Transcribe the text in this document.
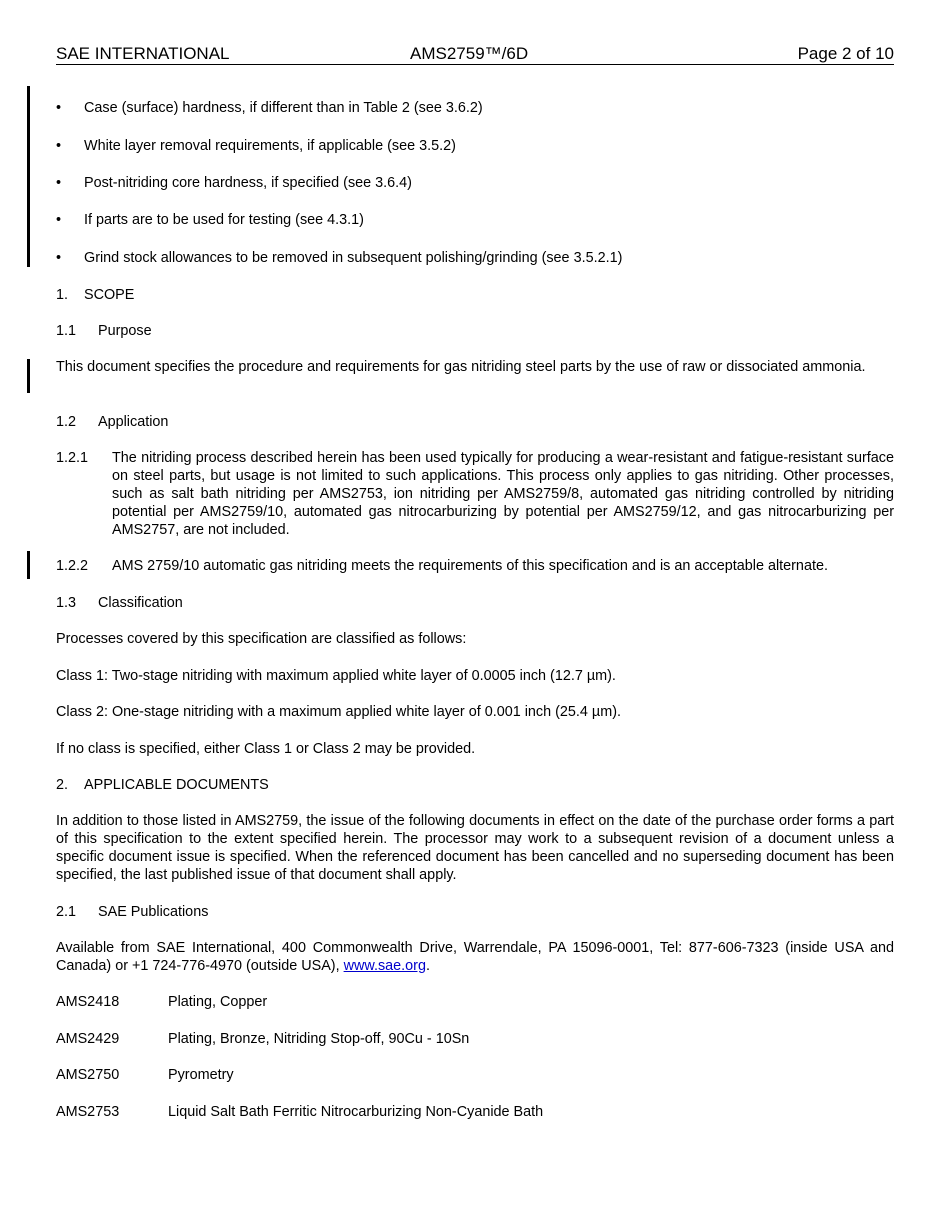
SAE INTERNATIONAL	AMS2759™/6D	Page 2 of 10
• Case (surface) hardness, if different than in Table 2 (see 3.6.2)
• White layer removal requirements, if applicable (see 3.5.2)
• Post-nitriding core hardness, if specified (see 3.6.4)
• If parts are to be used for testing (see 4.3.1)
• Grind stock allowances to be removed in subsequent polishing/grinding (see 3.5.2.1)
1. SCOPE
1.1 Purpose
This document specifies the procedure and requirements for gas nitriding steel parts by the use of raw or dissociated ammonia.
1.2 Application
1.2.1 The nitriding process described herein has been used typically for producing a wear-resistant and fatigue-resistant surface on steel parts, but usage is not limited to such applications. This process only applies to gas nitriding. Other processes, such as salt bath nitriding per AMS2753, ion nitriding per AMS2759/8, automated gas nitriding controlled by nitriding potential per AMS2759/10, automated gas nitrocarburizing by potential per AMS2759/12, and gas nitrocarburizing per AMS2757, are not included.
1.2.2 AMS 2759/10 automatic gas nitriding meets the requirements of this specification and is an acceptable alternate.
1.3 Classification
Processes covered by this specification are classified as follows:
Class 1: Two-stage nitriding with maximum applied white layer of 0.0005 inch (12.7 µm).
Class 2: One-stage nitriding with a maximum applied white layer of 0.001 inch (25.4 µm).
If no class is specified, either Class 1 or Class 2 may be provided.
2. APPLICABLE DOCUMENTS
In addition to those listed in AMS2759, the issue of the following documents in effect on the date of the purchase order forms a part of this specification to the extent specified herein. The processor may work to a subsequent revision of a document unless a specific document issue is specified. When the referenced document has been cancelled and no superseding document has been specified, the last published issue of that document shall apply.
2.1 SAE Publications
Available from SAE International, 400 Commonwealth Drive, Warrendale, PA 15096-0001, Tel: 877-606-7323 (inside USA and Canada) or +1 724-776-4970 (outside USA), www.sae.org.
AMS2418	Plating, Copper
AMS2429	Plating, Bronze, Nitriding Stop-off, 90Cu - 10Sn
AMS2750	Pyrometry
AMS2753	Liquid Salt Bath Ferritic Nitrocarburizing Non-Cyanide Bath
